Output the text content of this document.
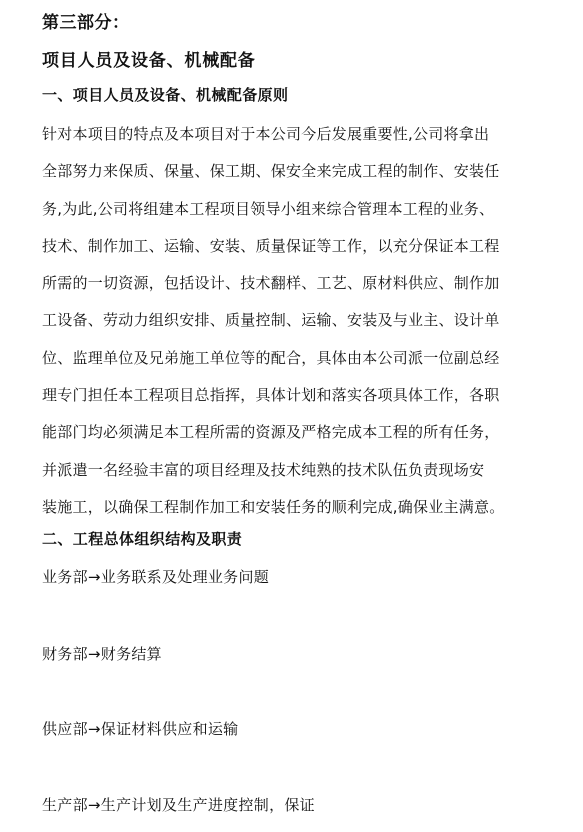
第三部分：
项目人员及设备、机械配备
一、项目人员及设备、机械配备原则
针对本项目的特点及本项目对于本公司今后发展重要性,公司将拿出
全部努力来保质、保量、保工期、保安全来完成工程的制作、安装任
务,为此,公司将组建本工程项目领导小组来综合管理本工程的业务、
技术、制作加工、运输、安装、质量保证等工作，以充分保证本工程
所需的一切资源，包括设计、技术翻样、工艺、原材料供应、制作加
工设备、劳动力组织安排、质量控制、运输、安装及与业主、设计单
位、监理单位及兄弟施工单位等的配合，具体由本公司派一位副总经
理专门担任本工程项目总指挥，具体计划和落实各项具体工作，各职
能部门均必须满足本工程所需的资源及严格完成本工程的所有任务，
并派遣一名经验丰富的项目经理及技术纯熟的技术队伍负责现场安
装施工，以确保工程制作加工和安装任务的顺利完成,确保业主满意。
二、工程总体组织结构及职责
业务部→业务联系及处理业务问题
财务部→财务结算
供应部→保证材料供应和运输
生产部→生产计划及生产进度控制，保证
